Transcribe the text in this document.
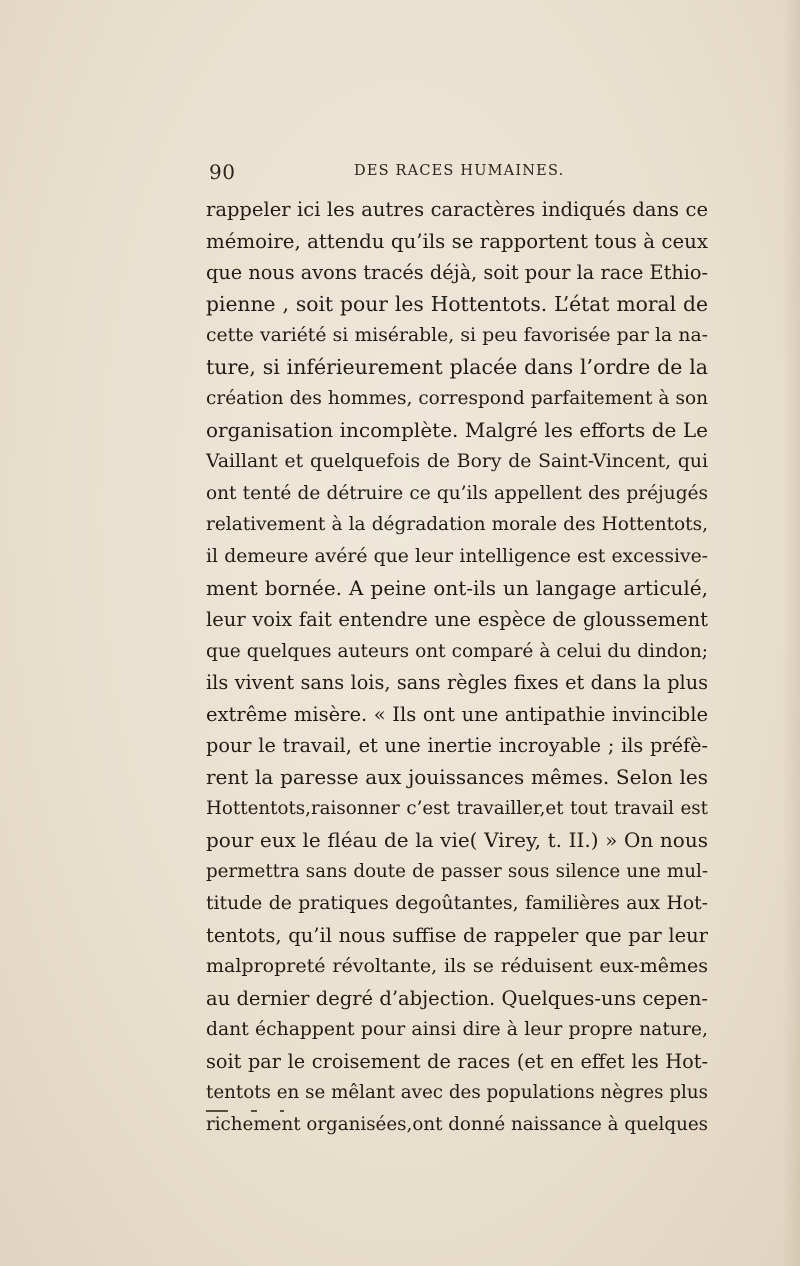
90	DES RACES HUMAINES.
rappeler ici les autres caractères indiqués dans ce
mémoire, attendu qu’ils se rapportent tous à ceux
que nous avons tracés déjà, soit pour la race Ethio-
pienne , soit pour les Hottentots. L’état moral de
cette variété si misérable, si peu favorisée par la na-
ture, si inférieurement placée dans l’ordre de la
création des hommes, correspond parfaitement à son
organisation incomplète. Malgré les efforts de Le
Vaillant et quelquefois de Bory de Saint-Vincent, qui
ont tenté de détruire ce qu’ils appellent des préjugés
relativement à la dégradation morale des Hottentots,
il demeure avéré que leur intelligence est excessive-
ment bornée. A peine ont-ils un langage articulé,
leur voix fait entendre une espèce de gloussement
que quelques auteurs ont comparé à celui du dindon;
ils vivent sans lois, sans règles fixes et dans la plus
extrême misère. « Ils ont une antipathie invincible
pour le travail, et une inertie incroyable ; ils préfè-
rent la paresse aux jouissances mêmes. Selon les
Hottentots,raisonner c’est travailler,et tout travail est
pour eux le fléau de la vie( Virey, t. II.) » On nous
permettra sans doute de passer sous silence une mul-
titude de pratiques degoûtantes, familières aux Hot-
tentots, qu’il nous suffise de rappeler que par leur
malpropreté révoltante, ils se réduisent eux-mêmes
au dernier degré d’abjection. Quelques-uns cepen-
dant échappent pour ainsi dire à leur propre nature,
soit par le croisement de races (et en effet les Hot-
tentots en se mêlant avec des populations nègres plus
richement organisées,ont donné naissance à quelques
